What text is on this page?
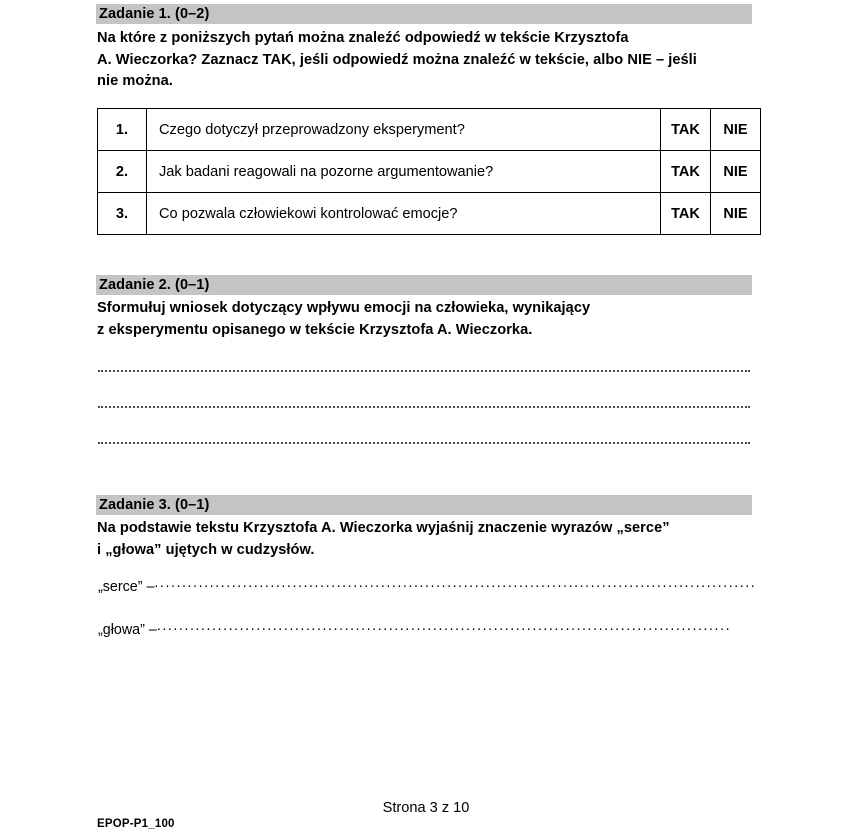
Zadanie 1. (0–2)
Na które z poniższych pytań można znaleźć odpowiedź w tekście Krzysztofa
A. Wieczorka? Zaznacz TAK, jeśli odpowiedź można znaleźć w tekście, albo NIE – jeśli
nie można.
1.	Czego dotyczył przeprowadzony eksperyment?	TAK	NIE
2.	Jak badani reagowali na pozorne argumentowanie?	TAK	NIE
3.	Co pozwala człowiekowi kontrolować emocje?	TAK	NIE
Zadanie 2. (0–1)
Sformułuj wniosek dotyczący wpływu emocji na człowieka, wynikający
z eksperymentu opisanego w tekście Krzysztofa A. Wieczorka.
Zadanie 3. (0–1)
Na podstawie tekstu Krzysztofa A. Wieczorka wyjaśnij znaczenie wyrazów „serce”
i „głowa” ujętych w cudzysłów.
„serce” –.............................................................................................................
„głowa” –........................................................................................................
Strona 3 z 10
EPOP-P1_100
